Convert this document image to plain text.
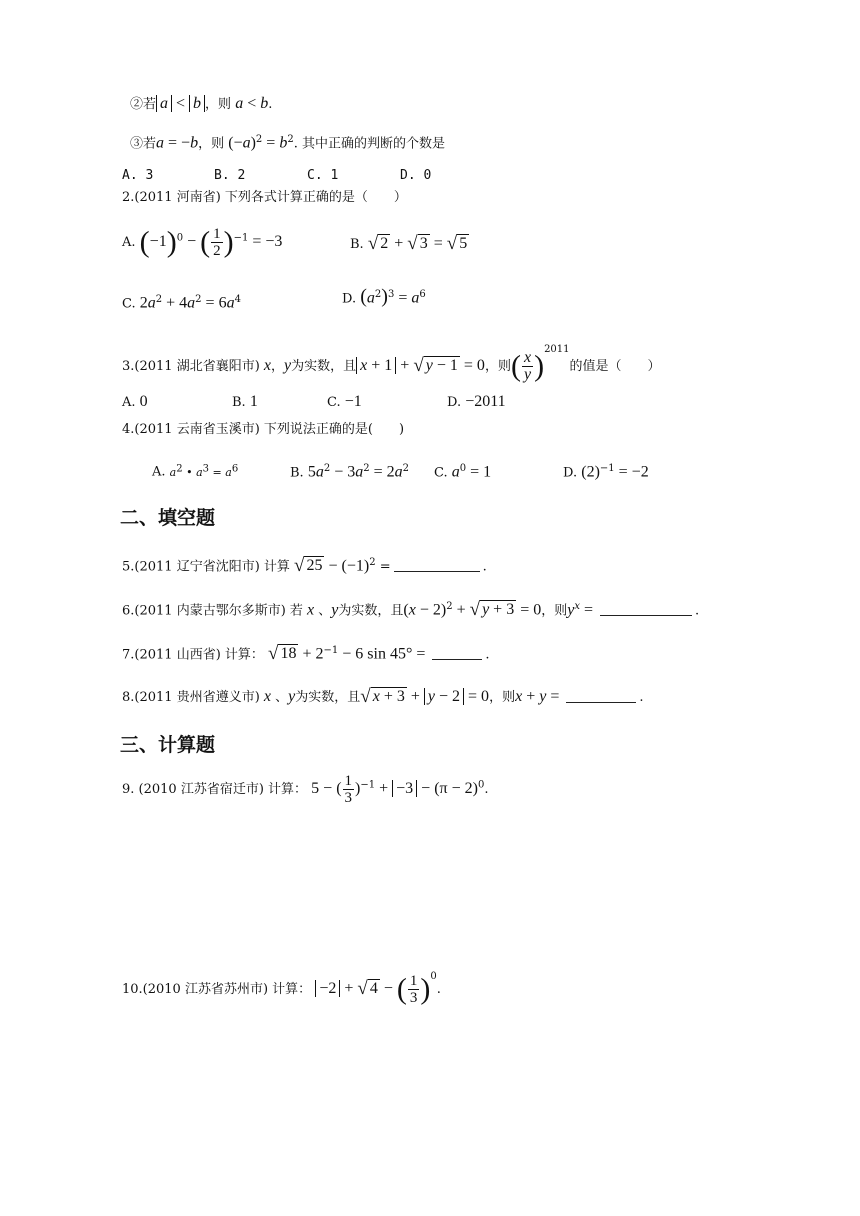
②若 a < b ，则 a < b.
③若a = −b，则 $(-a)^2 = b^2$. 其中正确的判断的个数是
A. 3	B. 2	C. 1	D. 0
2.(2011 河南省) 下列各式计算正确的是（　　）
A. $(-1)^0$ − ( $\frac{1}{2} )^{-1} = -3$	B. √ 2 + √ 3 = √ 5
C. $2a^2 + 4a^2 = 6a^4$	D. $(a^2)^3 = a^6$
3.(2011 湖北省襄阳市) x，y为实数，且 x + 1 + √ y − 1 = 0，则( $\frac{x}{y} )^{2011}$的值是（　　）
A. 0	B. 1	C. −1	D. −2011
4.(2011 云南省玉溪市) 下列说法正确的是(　　)
A. $a^2$ • $a^3 = a^6$	B. $5a^2 - 3a^2 = 2a^2$ C. $a^0 = 1$	D. $(2)^{-1} = -2$
二、填空题
5.(2011 辽宁省沈阳市) 计算 √ $25 - (-1)^2$ =	.
6.(2011 内蒙古鄂尔多斯市) 若 x 、y为实数，且$(x - 2)^2$ + √ y + 3 = 0，则$y^x$ =	.
7.(2011 山西省) 计算： √ $18 + 2^{-1} - 6$ sin 45° =	.
8.(2011 贵州省遵义市) x 、y为实数，且√ x + 3 + y − 2 = 0，则x + y =	.
三、计算题
9. (2010 江苏省宿迁市) 计算： 5 − ( $\frac{1}{3} )^{-1} + -3 - (\pi - 2)^0$.
10.(2010 江苏省苏州市) 计算： −2 + √ 4 − ( $\frac{1}{3} )^0$.
